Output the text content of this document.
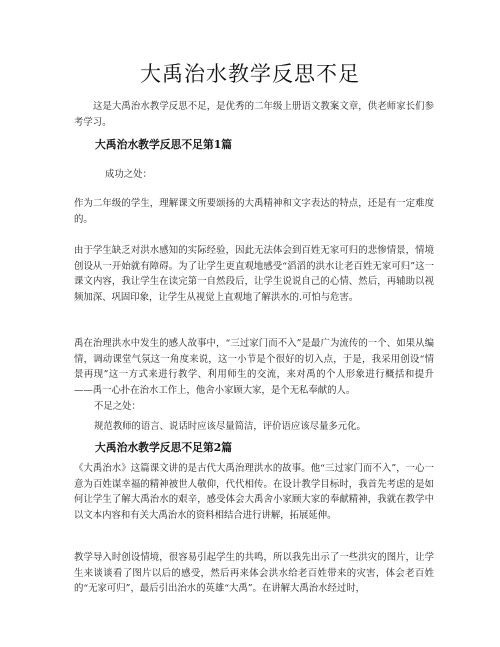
大禹治水教学反思不足

这是大禹治水教学反思不足，是优秀的二年级上册语文教案文章，供老师家长们参考学习。

大禹治水教学反思不足第1篇
成功之处：

作为二年级的学生，理解课文所要颂扬的大禹精神和文字表达的特点，还是有一定难度的。

由于学生缺乏对洪水感知的实际经验，因此无法体会到百姓无家可归的悲惨情景，情境创设从一开始就有障碍。为了让学生更直观地感受“滔滔的洪水让老百姓无家可归”这一课文内容，我让学生在读完第一自然段后，让学生说说自己的心情、然后，再辅助以视频加深、巩固印象，让学生从视觉上直观地了解洪水的.可怕与危害。

禹在治理洪水中发生的感人故事中，“三过家门而不入”是最广为流传的一个、如果从编情，调动课堂气氛这一角度来说，这一小节是个很好的切入点，于是，我采用创设“情景再现”这一方式来进行教学、利用师生的交流，来对禹的个人形象进行概括和提升——禹一心扑在治水工作上，他舍小家顾大家，是个无私奉献的人。

不足之处：
规范教师的语言、说话时应该尽量简洁，评价语应该尽量多元化。
大禹治水教学反思不足第2篇

《大禹治水》这篇课文讲的是古代大禹治理洪水的故事。他“三过家门而不入”，一心一意为百姓谋幸福的精神被世人敬仰，代代相传。在设计教学目标时，我首先考虑的是如何让学生了解大禹治水的艰辛，感受体会大禹舍小家顾大家的奉献精神，我就在教学中以文本内容和有关大禹治水的资料相结合进行讲解，拓展延伸。

教学导入时创设情境，很容易引起学生的共鸣，所以我先出示了一些洪灾的图片，让学生来谈谈看了图片以后的感受，然后再来体会洪水给老百姓带来的灾害，体会老百姓的“无家可归”，最后引出治水的英雄“大禹”。在讲解大禹治水经过时，
